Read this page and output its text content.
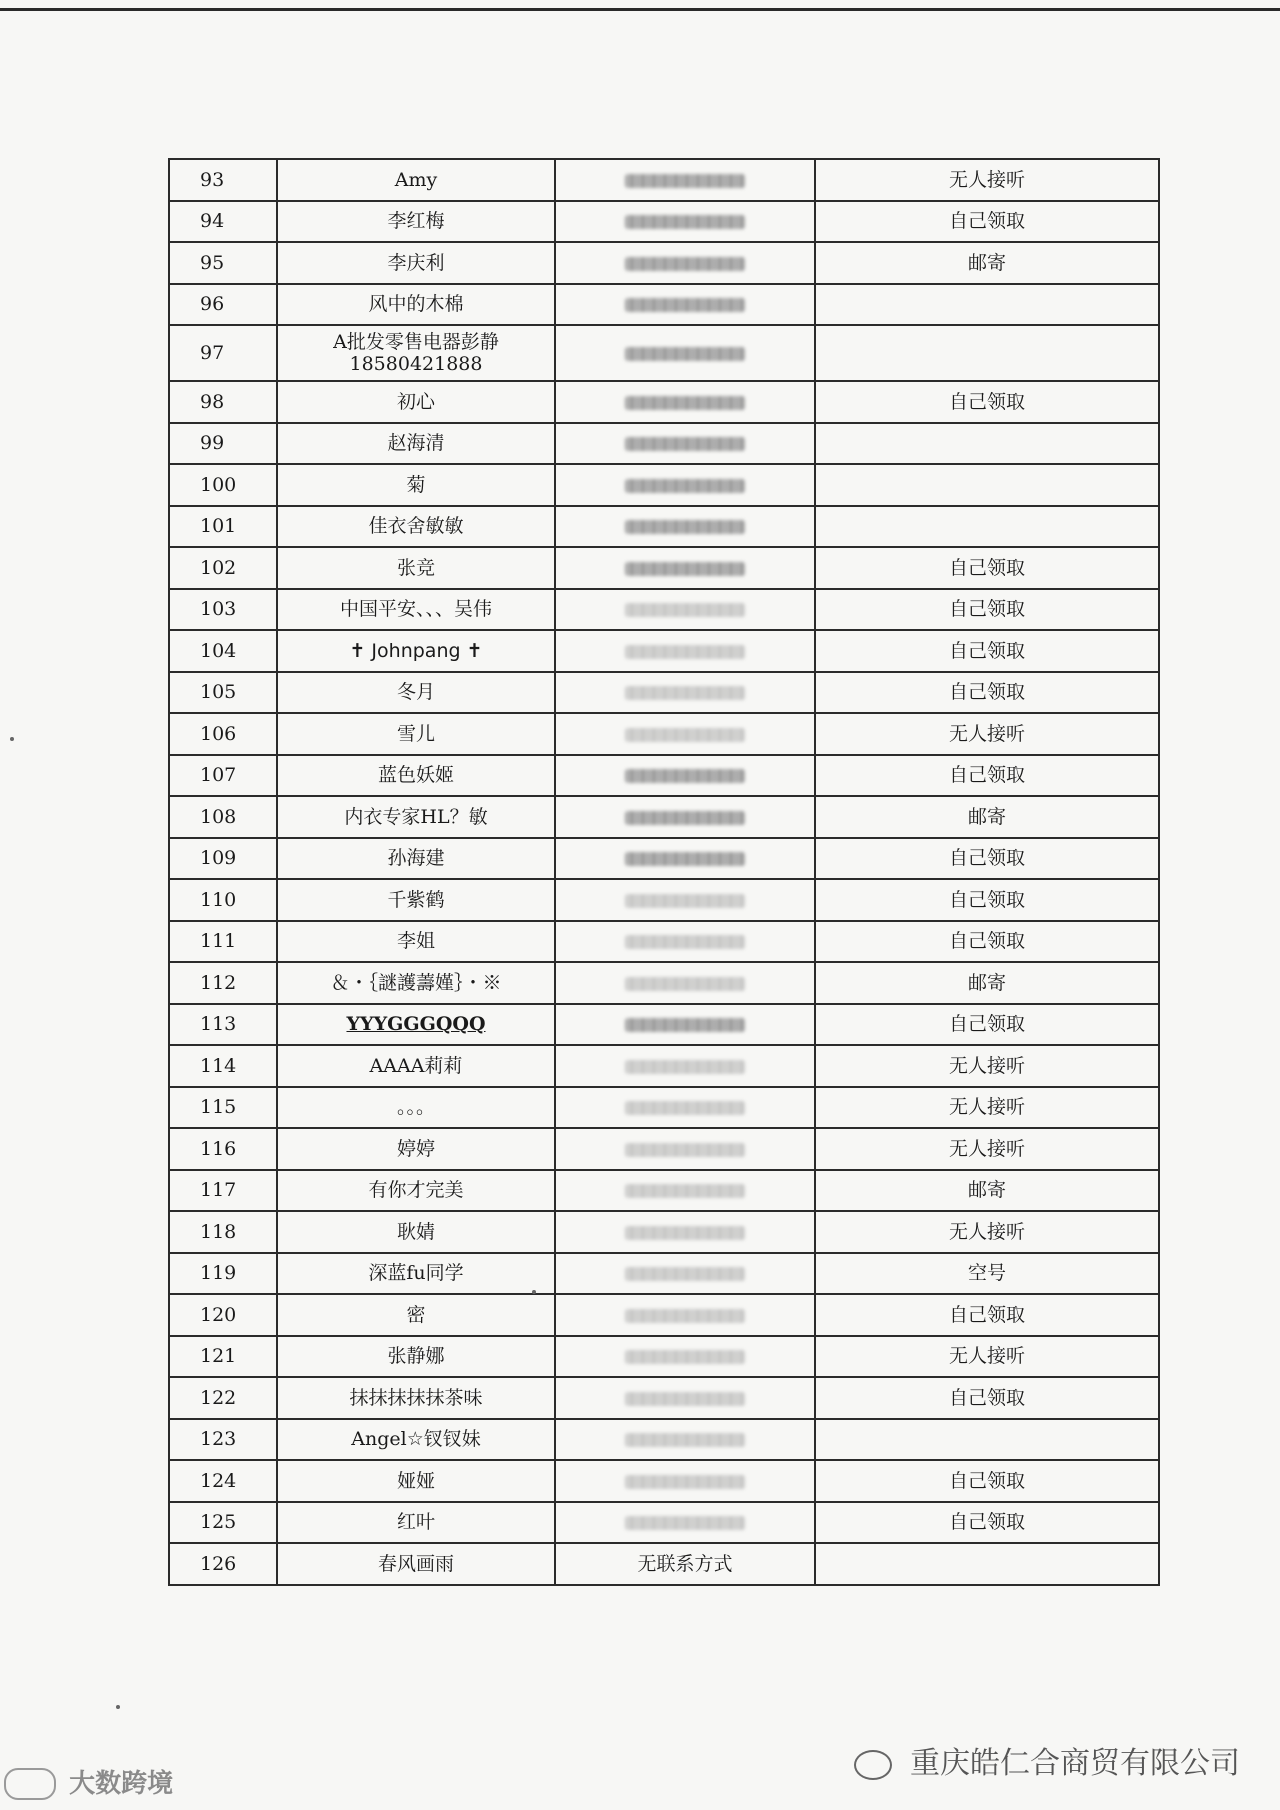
93	Amy		无人接听
94	李红梅		自己领取
95	李庆利		邮寄
96	风中的木棉		
97	A批发零售电器彭静
18580421888		

98	初心		自己领取
99	赵海清		
100	菊		
101	佳衣舍敏敏		
102	张竞		自己领取
103	中国平安、、、吴伟		自己领取
104	✝ Johnpang ✝		自己领取
105	冬月		自己领取
106	雪儿		无人接听
107	蓝色妖姬		自己领取
108	内衣专家HL？敏		邮寄
109	孙海建		自己领取
110	千紫鹤		自己领取
111	李姐		自己领取
112	＆・｛謎護薵嫤｝・※		邮寄
113	YYYGGGQQQ		自己领取
114	AAAA莉莉		无人接听
115	。。。		无人接听
116	婷婷		无人接听
117	有你才完美		邮寄
118	耿婧		无人接听
119	深蓝fu同学		空号
120	密		自己领取
121	张静娜		无人接听
122	抹抹抹抹抹茶味		自己领取
123	Angel☆钗钗妹		
124	娅娅		自己领取
125	红叶		自己领取
126	春风画雨	无联系方式	
大数跨境
重庆皓仁合商贸有限公司
